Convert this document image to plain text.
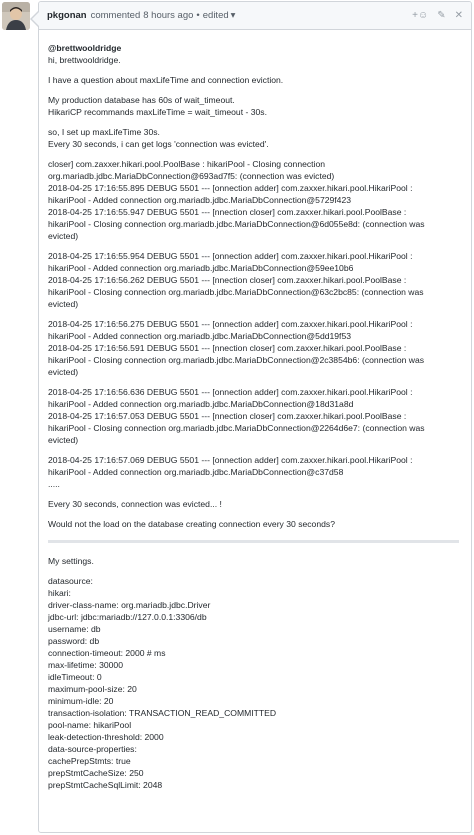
pkgonan commented 8 hours ago • edited ▾	+☺ ✎ ✕

@brettwooldridge
hi, brettwooldridge.

I have a question about maxLifeTime and connection eviction.

My production database has 60s of wait_timeout.
HikariCP recommands maxLifeTime = wait_timeout - 30s.

so, I set up maxLifeTime 30s.
Every 30 seconds, i can get logs 'connection was evicted'.

closer] com.zaxxer.hikari.pool.PoolBase : hikariPool - Closing connection
org.mariadb.jdbc.MariaDbConnection@693ad7f5: (connection was evicted)
2018-04-25 17:16:55.895 DEBUG 5501 --- [onnection adder] com.zaxxer.hikari.pool.HikariPool :
hikariPool - Added connection org.mariadb.jdbc.MariaDbConnection@5729f423
2018-04-25 17:16:55.947 DEBUG 5501 --- [nnection closer] com.zaxxer.hikari.pool.PoolBase :
hikariPool - Closing connection org.mariadb.jdbc.MariaDbConnection@6d055e8d: (connection was
evicted)
2018-04-25 17:16:55.954 DEBUG 5501 --- [onnection adder] com.zaxxer.hikari.pool.HikariPool :
hikariPool - Added connection org.mariadb.jdbc.MariaDbConnection@59ee10b6
2018-04-25 17:16:56.262 DEBUG 5501 --- [nnection closer] com.zaxxer.hikari.pool.PoolBase :
hikariPool - Closing connection org.mariadb.jdbc.MariaDbConnection@63c2bc85: (connection was
evicted)
2018-04-25 17:16:56.275 DEBUG 5501 --- [onnection adder] com.zaxxer.hikari.pool.HikariPool :
hikariPool - Added connection org.mariadb.jdbc.MariaDbConnection@5dd19f53
2018-04-25 17:16:56.591 DEBUG 5501 --- [nnection closer] com.zaxxer.hikari.pool.PoolBase :
hikariPool - Closing connection org.mariadb.jdbc.MariaDbConnection@2c3854b6: (connection was
evicted)
2018-04-25 17:16:56.636 DEBUG 5501 --- [onnection adder] com.zaxxer.hikari.pool.HikariPool :
hikariPool - Added connection org.mariadb.jdbc.MariaDbConnection@18d31a8d
2018-04-25 17:16:57.053 DEBUG 5501 --- [nnection closer] com.zaxxer.hikari.pool.PoolBase :
hikariPool - Closing connection org.mariadb.jdbc.MariaDbConnection@2264d6e7: (connection was
evicted)
2018-04-25 17:16:57.069 DEBUG 5501 --- [onnection adder] com.zaxxer.hikari.pool.HikariPool :
hikariPool - Added connection org.mariadb.jdbc.MariaDbConnection@c37d58
.....

Every 30 seconds, connection was evicted... !

Would not the load on the database creating connection every 30 seconds?

My settings.

datasource:
hikari:
driver-class-name: org.mariadb.jdbc.Driver
jdbc-url: jdbc:mariadb://127.0.0.1:3306/db
username: db
password: db
connection-timeout: 2000 # ms
max-lifetime: 30000
idleTimeout: 0
maximum-pool-size: 20
minimum-idle: 20
transaction-isolation: TRANSACTION_READ_COMMITTED
pool-name: hikariPool
leak-detection-threshold: 2000
data-source-properties:
cachePrepStmts: true
prepStmtCacheSize: 250
prepStmtCacheSqlLimit: 2048
